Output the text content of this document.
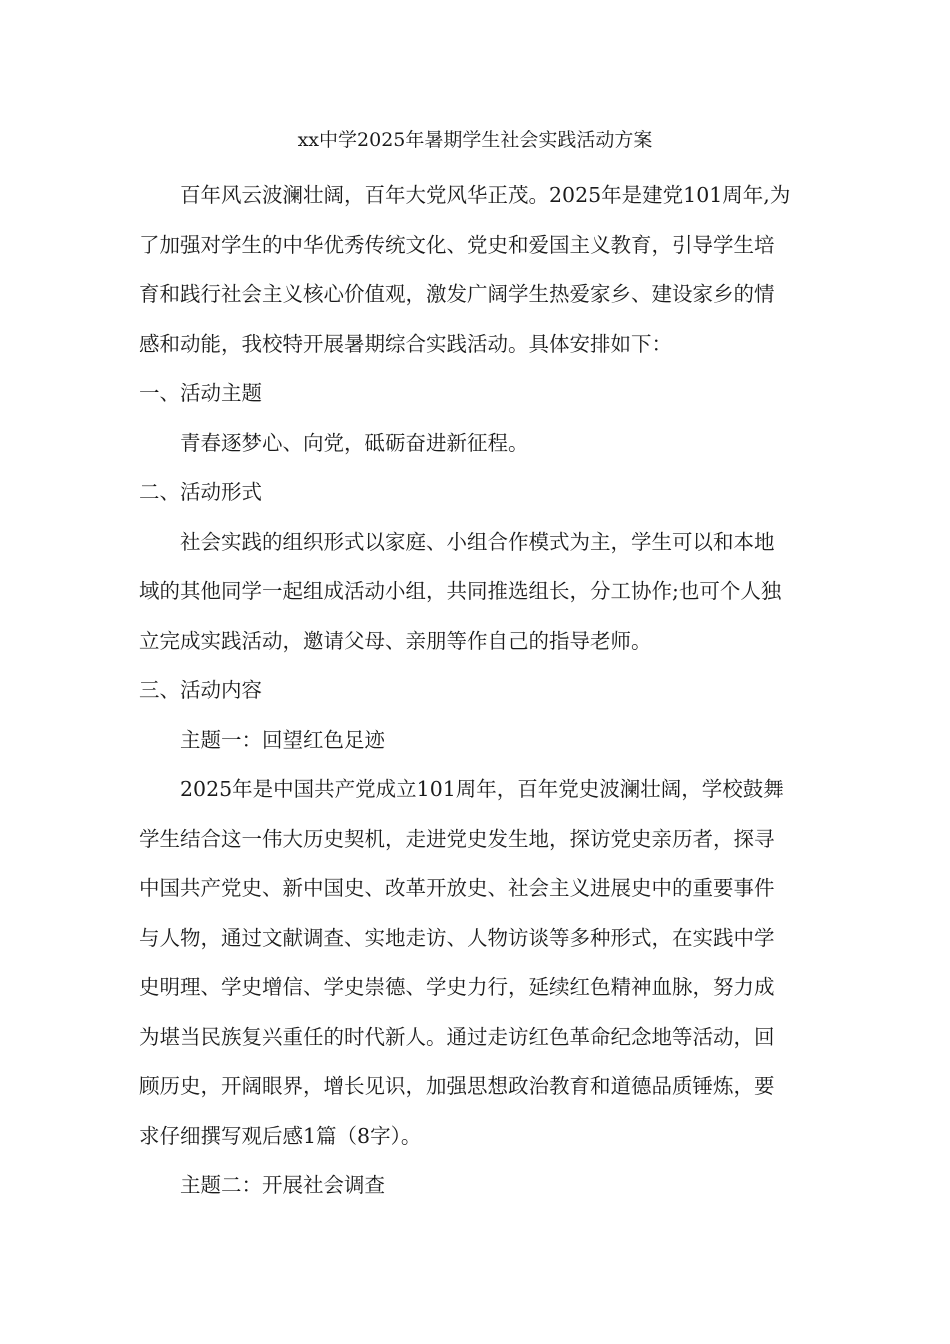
xx中学2025年暑期学生社会实践活动方案

百年风云波澜壮阔，百年大党风华正茂。2025年是建党101周年,为

了加强对学生的中华优秀传统文化、党史和爱国主义教育，引导学生培

育和践行社会主义核心价值观，激发广阔学生热爱家乡、建设家乡的情

感和动能，我校特开展暑期综合实践活动。具体安排如下：

一、活动主题

青春逐梦心、向党，砥砺奋进新征程。

二、活动形式

社会实践的组织形式以家庭、小组合作模式为主，学生可以和本地

域的其他同学一起组成活动小组，共同推选组长，分工协作;也可个人独

立完成实践活动，邀请父母、亲朋等作自己的指导老师。

三、活动内容

主题一：回望红色足迹

2025年是中国共产党成立101周年，百年党史波澜壮阔，学校鼓舞

学生结合这一伟大历史契机，走进党史发生地，探访党史亲历者，探寻

中国共产党史、新中国史、改革开放史、社会主义进展史中的重要事件

与人物，通过文献调查、实地走访、人物访谈等多种形式，在实践中学

史明理、学史增信、学史崇德、学史力行，延续红色精神血脉，努力成

为堪当民族复兴重任的时代新人。通过走访红色革命纪念地等活动，回

顾历史，开阔眼界，增长见识，加强思想政治教育和道德品质锤炼，要

求仔细撰写观后感1篇（8字）。

主题二：开展社会调查
